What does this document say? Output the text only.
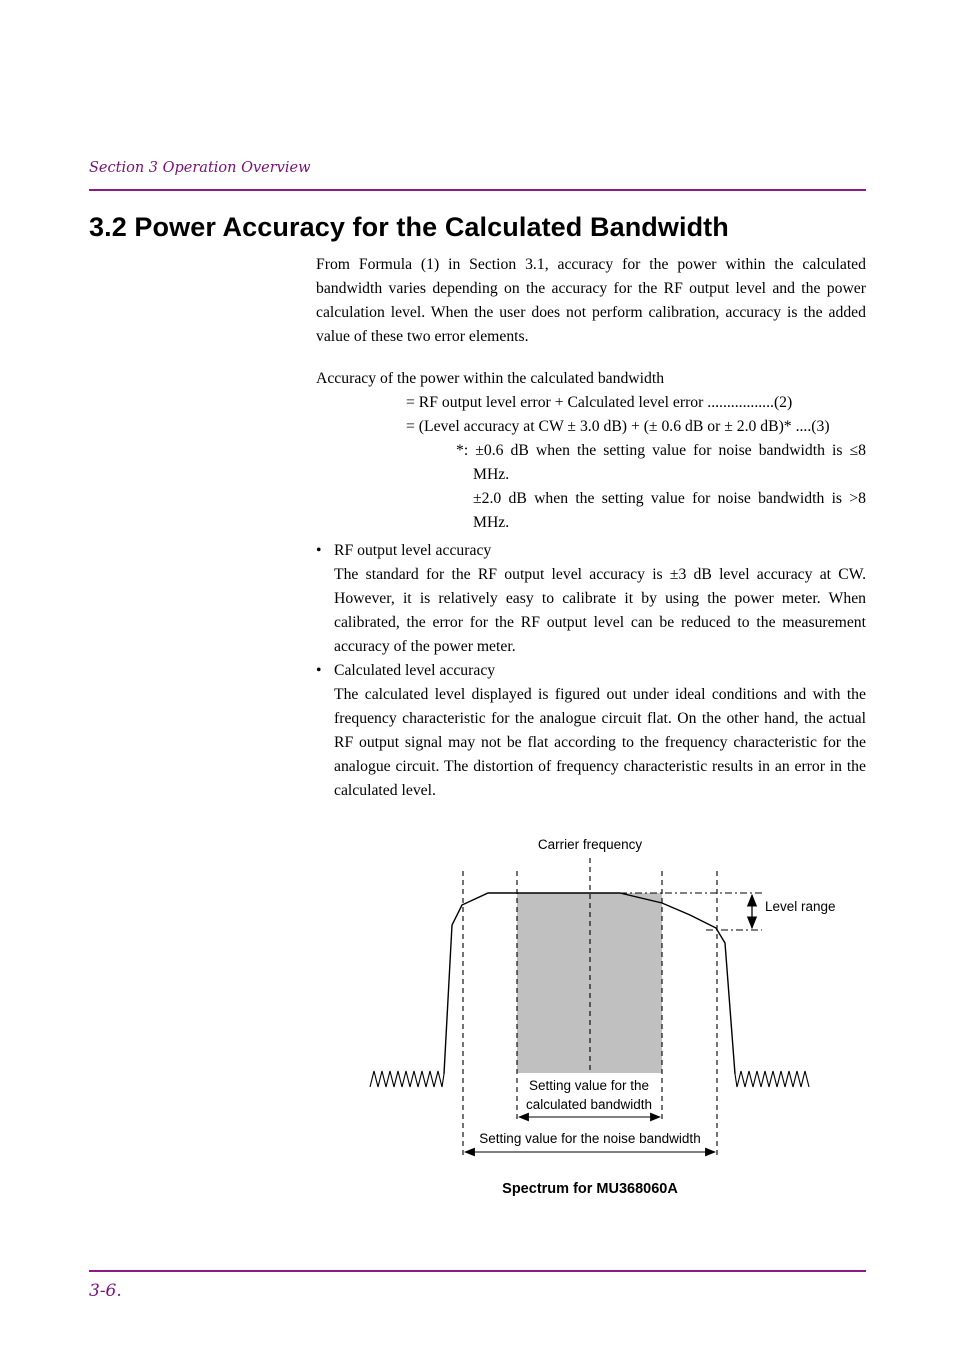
Section 3 Operation Overview
3.2 Power Accuracy for the Calculated Bandwidth

From Formula (1) in Section 3.1, accuracy for the power within the calculated bandwidth varies depending on the accuracy for the RF output level and the power calculation level. When the user does not perform calibration, accuracy is the added value of these two error elements.

Accuracy of the power within the calculated bandwidth
= RF output level error + Calculated level error .................(2)
= (Level accuracy at CW ± 3.0 dB) + (± 0.6 dB or ± 2.0 dB)* ....(3)
*: ±0.6 dB when the setting value for noise bandwidth is ≤8 MHz.
±2.0 dB when the setting value for noise bandwidth is >8 MHz.
• RF output level accuracy
The standard for the RF output level accuracy is ±3 dB level accuracy at CW. However, it is relatively easy to calibrate it by using the power meter. When calibrated, the error for the RF output level can be reduced to the measurement accuracy of the power meter.
• Calculated level accuracy
The calculated level displayed is figured out under ideal conditions and with the frequency characteristic for the analogue circuit flat. On the other hand, the actual RF output signal may not be flat according to the frequency characteristic for the analogue circuit. The distortion of frequency characteristic results in an error in the calculated level.
Carrier frequency
Level range
Setting value for the
calculated bandwidth
Setting value for the noise bandwidth
Spectrum for MU368060A
3-6.
